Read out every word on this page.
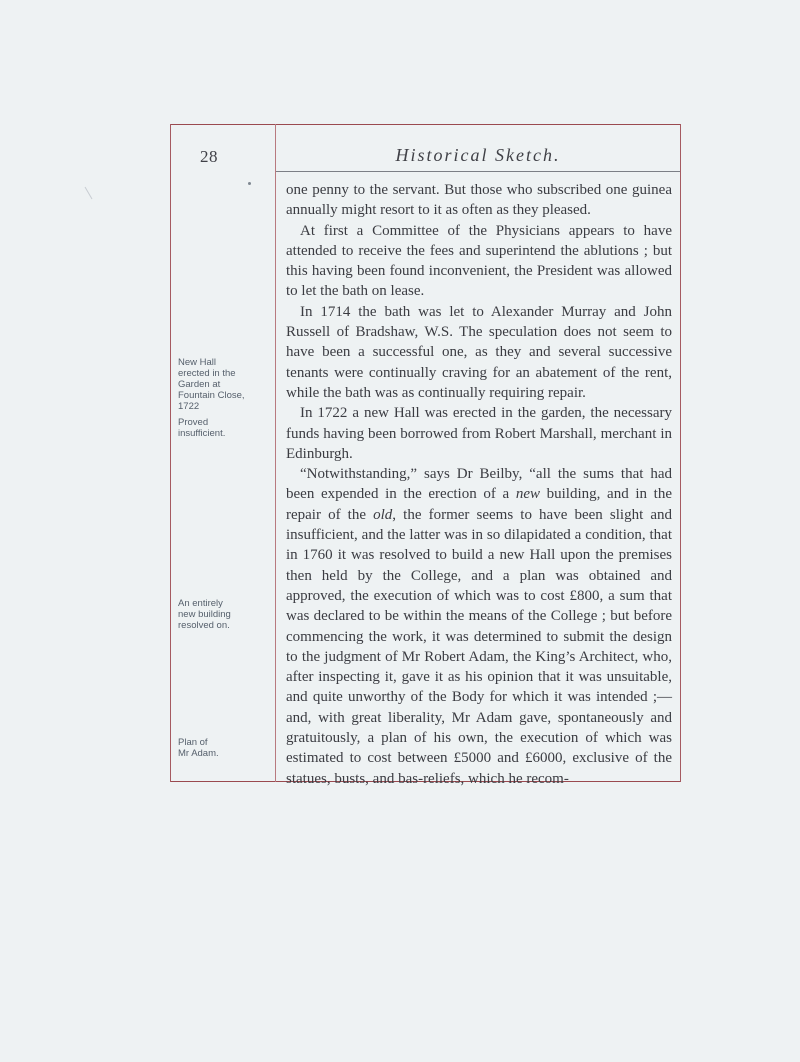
28	Historical Sketch.
New Hall
erected in the
Garden at
Fountain Close,
1722
Proved
insufficient.
An entirely
new building
resolved on.
Plan of
Mr Adam.

one penny to the servant. But those who subscribed one guinea annually might resort to it as often as they pleased.

At first a Committee of the Physicians appears to have attended to receive the fees and superintend the ablutions ; but this having been found inconvenient, the President was allowed to let the bath on lease.

In 1714 the bath was let to Alexander Murray and John Russell of Bradshaw, W.S. The speculation does not seem to have been a successful one, as they and several successive tenants were continually craving for an abatement of the rent, while the bath was as continually requiring repair.

In 1722 a new Hall was erected in the garden, the necessary funds having been borrowed from Robert Marshall, merchant in Edinburgh.

“Notwithstanding,” says Dr Beilby, “all the sums that had been expended in the erection of a new building, and in the repair of the old, the former seems to have been slight and insufficient, and the latter was in so dilapidated a condition, that in 1760 it was resolved to build a new Hall upon the premises then held by the College, and a plan was obtained and approved, the execution of which was to cost £800, a sum that was declared to be within the means of the College ; but before commencing the work, it was determined to submit the design to the judgment of Mr Robert Adam, the King’s Architect, who, after inspecting it, gave it as his opinion that it was unsuitable, and quite unworthy of the Body for which it was intended ;—and, with great liberality, Mr Adam gave, spontaneously and gratuitously, a plan of his own, the execution of which was estimated to cost between £5000 and £6000, exclusive of the statues, busts, and bas-reliefs, which he recom-
